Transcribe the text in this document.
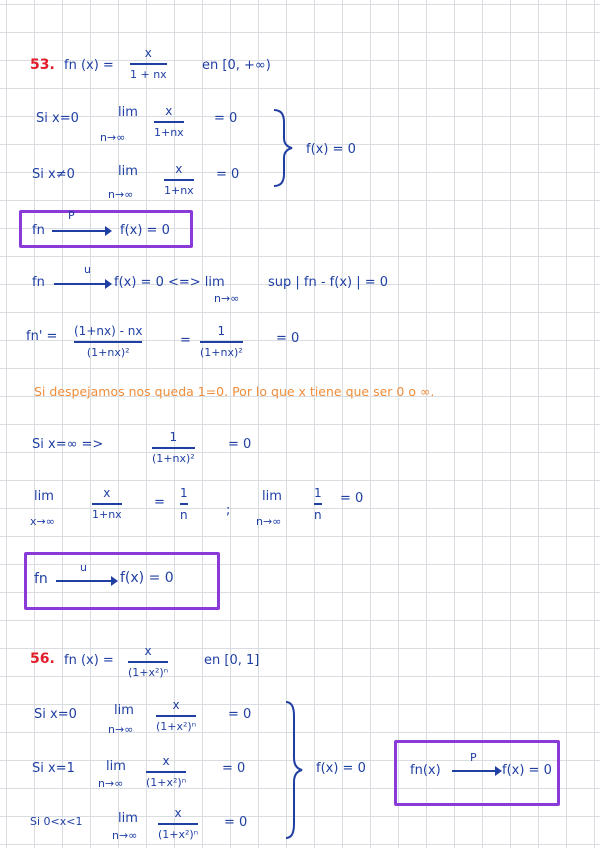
53. fn (x) =
x
1 + nx
en [0, +∞)
Si x=0	lim
n→∞
x
1+nx
= 0
Si x≠0	lim
n→∞
x
1+nx
= 0
f(x) = 0
fn
P
f(x) = 0
fn
u
f(x) = 0 <=> lim
n→∞
sup | fn - f(x) | = 0
fn' = (1+nx) - nx
(1+nx)²
=
1
(1+nx)²
= 0
Si despejamos nos queda 1=0. Por lo que x tiene que ser 0 o ∞.
Si x=∞ =>	1
(1+nx)²
= 0
lim
x→∞
x
1+nx
=
1
n	;
lim
n→∞
1
n
= 0
fn
u
f(x) = 0
56. fn (x) =
x
(1+x²)ⁿ
en [0, 1]
Si x=0	lim
n→∞
x
(1+x²)ⁿ
= 0
Si x=1 lim
n→∞
x
(1+x²)ⁿ
= 0
Si 0<x<1	lim
n→∞
x
(1+x²)ⁿ
= 0
f(x) = 0	fn(x)
P
f(x) = 0
